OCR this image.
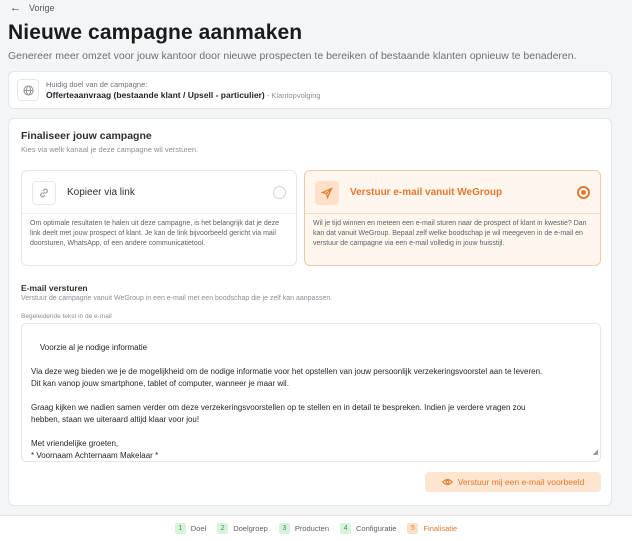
← Vorige
Nieuwe campagne aanmaken
Genereer meer omzet voor jouw kantoor door nieuwe prospecten te bereiken of bestaande klanten opnieuw te benaderen.
Huidig doel van de campagne:
Offerteaanvraag (bestaande klant / Upsell - particulier) - Klantopvolging
Finaliseer jouw campagne
Kies via welk kanaal je deze campagne wil versturen.
Kopieer via link
Om optimale resultaten te halen uit deze campagne, is het belangrijk dat je deze link deelt met jouw prospect of klant. Je kan de link bijvoorbeeld gericht via mail doorsturen, WhatsApp, of een andere communicatietool.
Verstuur e-mail vanuit WeGroup
Wil je tijd winnen en meteen een e-mail sturen naar de prospect of klant in kwestie? Dan kan dat vanuit WeGroup. Bepaal zelf welke boodschap je wil meegeven in de e-mail en verstuur de campagne via een e-mail volledig in jouw huisstijl.
E-mail versturen
Verstuur de campagne vanuit WeGroup in een e-mail met een boodschap die je zelf kan aanpassen.
Begeleidende tekst in de e-mail

Voorzie al je nodige informatie

Via deze weg bieden we je de mogelijkheid om de nodige informatie voor het opstellen van jouw persoonlijk verzekeringsvoorstel aan te leveren.
Dit kan vanop jouw smartphone, tablet of computer, wanneer je maar wil.

Graag kijken we nadien samen verder om deze verzekeringsvoorstellen op te stellen en in detail te bespreken. Indien je verdere vragen zou
hebben, staan we uiteraard altijd klaar voor jou!

Met vriendelijke groeten,
* Voornaam Achternaam Makelaar *
	◢

Verstuur mij een e-mail voorbeeld
1	Doel	2	Doelgroep	3	Producten	4	Configuratie	5	Finalisatie
